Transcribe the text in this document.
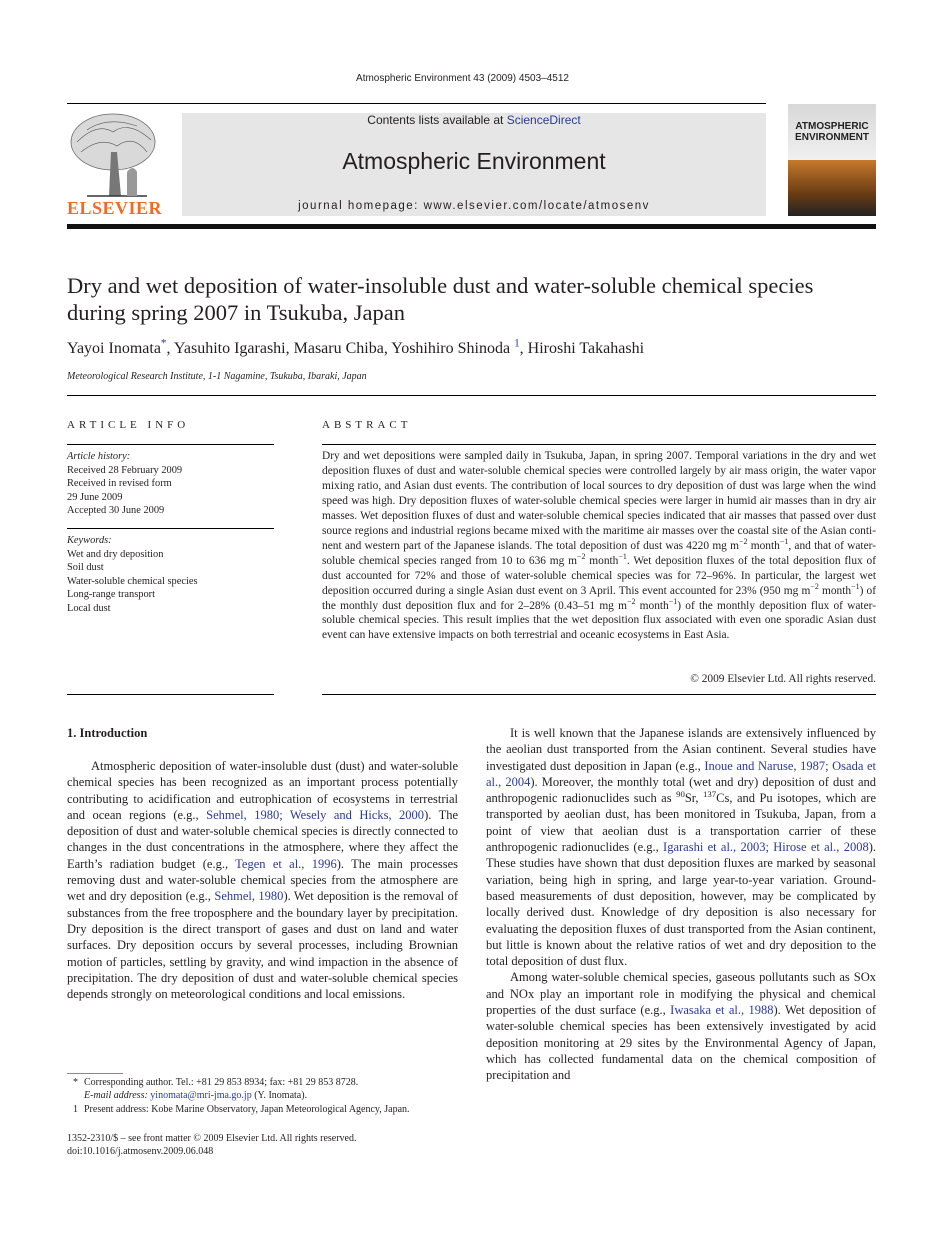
Atmospheric Environment 43 (2009) 4503–4512
ELSEVIER
Contents lists available at ScienceDirect
Atmospheric Environment
journal homepage: www.elsevier.com/locate/atmosenv
ATMOSPHERIC ENVIRONMENT
Dry and wet deposition of water-insoluble dust and water-soluble chemical species during spring 2007 in Tsukuba, Japan
Yayoi Inomata*, Yasuhito Igarashi, Masaru Chiba, Yoshihiro Shinoda $^1$, Hiroshi Takahashi
Meteorological Research Institute, 1-1 Nagamine, Tsukuba, Ibaraki, Japan
ARTICLE INFO	ABSTRACT
Article history:
Received 28 February 2009
Received in revised form
29 June 2009
Accepted 30 June 2009
Keywords:
Wet and dry deposition
Soil dust
Water-soluble chemical species
Long-range transport
Local dust
Dry and wet depositions were sampled daily in Tsukuba, Japan, in spring 2007. Temporal variations in the dry and wet deposition fluxes of dust and water-soluble chemical species were controlled largely by air mass origin, the water vapor mixing ratio, and Asian dust events. The contribution of local sources to dry deposition of dust was large when the wind speed was high. Dry deposition fluxes of water-soluble chemical species were larger in humid air masses than in dry air masses. Wet deposition fluxes of dust and water-soluble chemical species indicated that air masses that passed over dust source regions and industrial regions became mixed with the maritime air masses over the coastal site of the Asian continent and western part of the Japanese islands. The total deposition of dust was 4220 mg $m^{-2}$ month$^{-1}$, and that of water-soluble chemical species ranged from 10 to 636 mg $m^{-2}$ month$^{-1}$. Wet deposition fluxes of the total deposition flux of dust accounted for 72% and those of water-soluble chemical species was for 72–96%. In particular, the largest wet deposition occurred during a single Asian dust event on 3 April. This event accounted for 23% (950 mg $m^{-2}$ month$^{-1}$) of the monthly dust deposition flux and for 2–28% (0.43–51 mg $m^{-2}$ month$^{-1}$) of the monthly deposition flux of water-soluble chemical species. This result implies that the wet deposition flux associated with even one sporadic Asian dust event can have extensive impacts on both terrestrial and oceanic ecosystems in East Asia.
© 2009 Elsevier Ltd. All rights reserved.
1. Introduction

Atmospheric deposition of water-insoluble dust (dust) and water-soluble chemical species has been recognized as an important process potentially contributing to acidification and eutrophication of ecosystems in terrestrial and ocean regions (e.g., Sehmel, 1980; Wesely and Hicks, 2000). The deposition of dust and water-soluble chemical species is directly connected to changes in the dust concentrations in the atmosphere, where they affect the Earth’s radiation budget (e.g., Tegen et al., 1996). The main processes removing dust and water-soluble chemical species from the atmosphere are wet and dry deposition (e.g., Sehmel, 1980). Wet deposition is the removal of substances from the free troposphere and the boundary layer by precipitation. Dry deposition is the direct transport of gases and dust on land and water surfaces. Dry deposition occurs by several processes, including Brownian motion of particles, settling by gravity, and wind impaction in the absence of precipitation. The dry deposition of dust and water-soluble chemical species depends strongly on meteorological conditions and local emissions.

It is well known that the Japanese islands are extensively influenced by the aeolian dust transported from the Asian continent. Several studies have investigated dust deposition in Japan (e.g., Inoue and Naruse, 1987; Osada et al., 2004). Moreover, the monthly total (wet and dry) deposition of dust and anthropogenic radionuclides such as $^{90}$Sr, $^{137}$Cs, and Pu isotopes, which are transported by aeolian dust, has been monitored in Tsukuba, Japan, from a point of view that aeolian dust is a transportation carrier of these anthropogenic radionuclides (e.g., Igarashi et al., 2003; Hirose et al., 2008). These studies have shown that dust deposition fluxes are marked by seasonal variation, being high in spring, and large year-to-year variation. Ground-based measurements of dust deposition, however, may be complicated by locally derived dust. Knowledge of dry deposition is also necessary for evaluating the deposition fluxes of dust transported from the Asian continent, but little is known about the relative ratios of wet and dry deposition to the total deposition of dust flux.

Among water-soluble chemical species, gaseous pollutants such as SOx and NOx play an important role in modifying the physical and chemical properties of the dust surface (e.g., Iwasaka et al., 1988). Wet deposition of water-soluble chemical species has been extensively investigated by acid deposition monitoring at 29 sites by the Environmental Agency of Japan, which has collected fundamental data on the chemical composition of precipitation and

* Corresponding author. Tel.: +81 29 853 8934; fax: +81 29 853 8728.
E-mail address: yinomata@mri-jma.go.jp (Y. Inomata).
1 Present address: Kobe Marine Observatory, Japan Meteorological Agency, Japan.
1352-2310/$ – see front matter © 2009 Elsevier Ltd. All rights reserved.
doi:10.1016/j.atmosenv.2009.06.048
